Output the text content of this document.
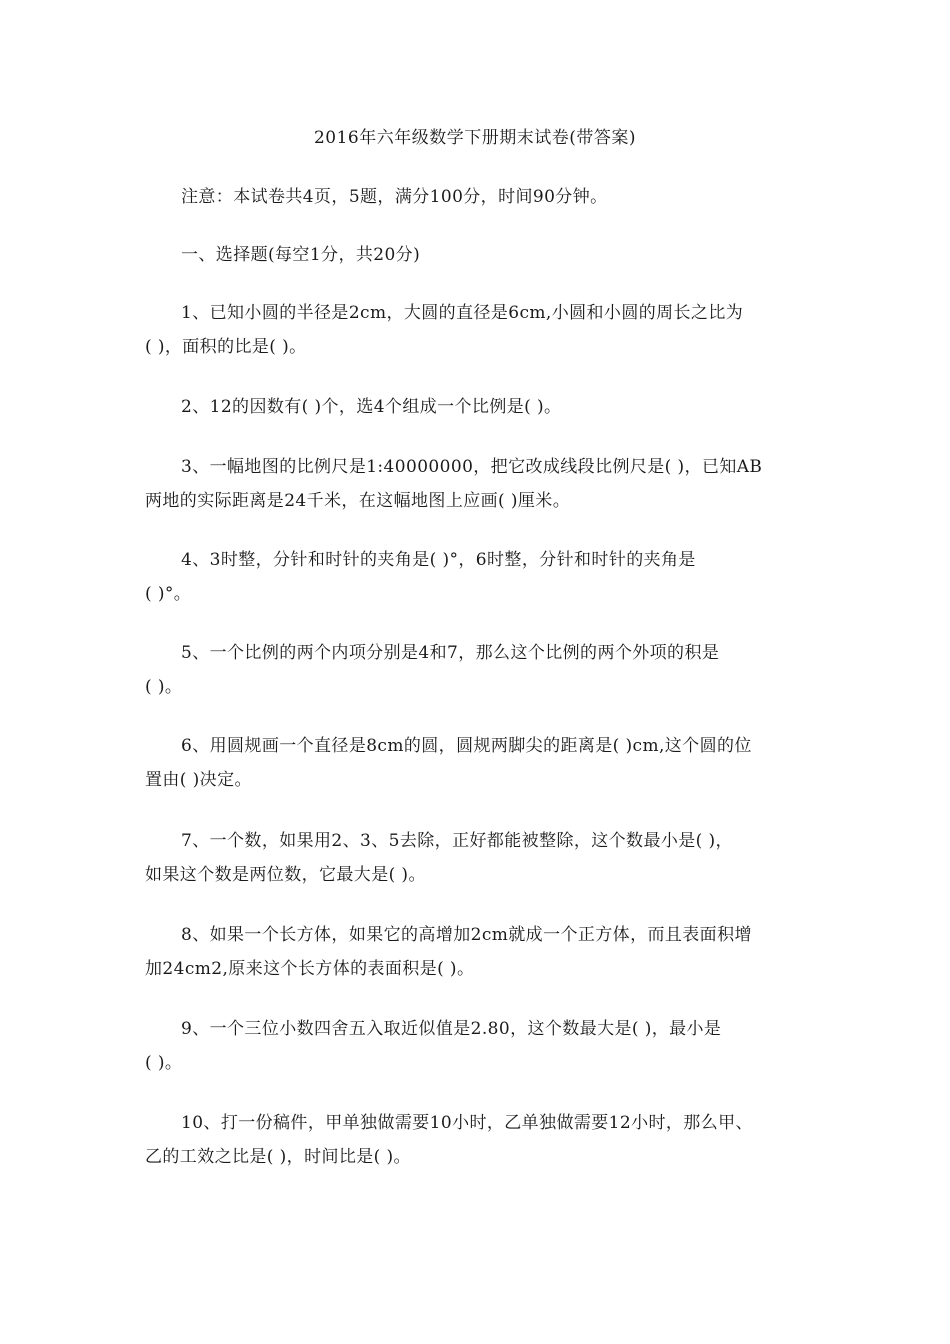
2016年六年级数学下册期末试卷(带答案)

注意：本试卷共4页，5题，满分100分，时间90分钟。

一、选择题(每空1分，共20分)

1、已知小圆的半径是2cm，大圆的直径是6cm,小圆和小圆的周长之比为
( )，面积的比是( )。
2、12的因数有( )个，选4个组成一个比例是( )。
3、一幅地图的比例尺是1:40000000，把它改成线段比例尺是( )，已知AB
两地的实际距离是24千米，在这幅地图上应画( )厘米。
4、3时整，分针和时针的夹角是( )°，6时整，分针和时针的夹角是
( )°。
5、一个比例的两个内项分别是4和7，那么这个比例的两个外项的积是
( )。
6、用圆规画一个直径是8cm的圆，圆规两脚尖的距离是( )cm,这个圆的位
置由( )决定。
7、一个数，如果用2、3、5去除，正好都能被整除，这个数最小是( )，
如果这个数是两位数，它最大是( )。
8、如果一个长方体，如果它的高增加2cm就成一个正方体，而且表面积增
加24cm2,原来这个长方体的表面积是( )。
9、一个三位小数四舍五入取近似值是2.80，这个数最大是( )，最小是
( )。
10、打一份稿件，甲单独做需要10小时，乙单独做需要12小时，那么甲、
乙的工效之比是( )，时间比是( )。
